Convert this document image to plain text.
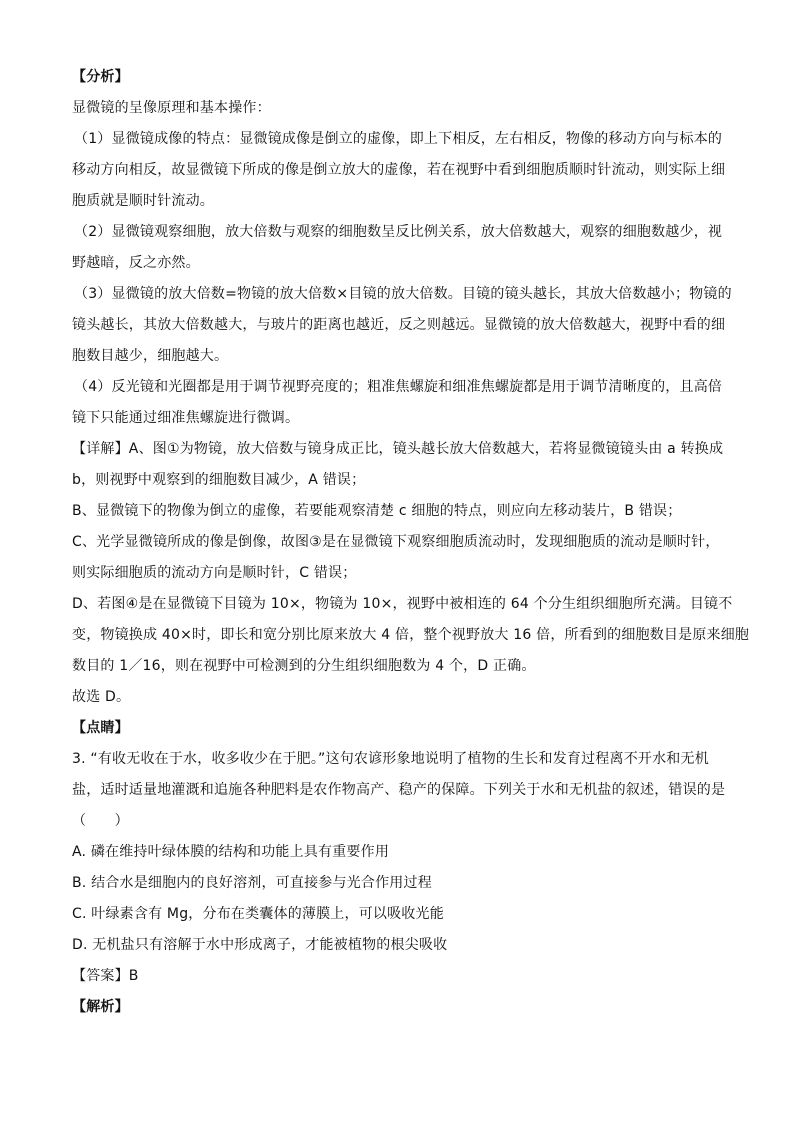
【分析】
显微镜的呈像原理和基本操作：
（1）显微镜成像的特点：显微镜成像是倒立的虚像，即上下相反，左右相反，物像的移动方向与标本的
移动方向相反，故显微镜下所成的像是倒立放大的虚像，若在视野中看到细胞质顺时针流动，则实际上细
胞质就是顺时针流动。
（2）显微镜观察细胞，放大倍数与观察的细胞数呈反比例关系，放大倍数越大，观察的细胞数越少，视
野越暗，反之亦然。
（3）显微镜的放大倍数=物镜的放大倍数×目镜的放大倍数。目镜的镜头越长，其放大倍数越小；物镜的
镜头越长，其放大倍数越大，与玻片的距离也越近，反之则越远。显微镜的放大倍数越大，视野中看的细
胞数目越少，细胞越大。
（4）反光镜和光圈都是用于调节视野亮度的；粗准焦螺旋和细准焦螺旋都是用于调节清晰度的，且高倍
镜下只能通过细准焦螺旋进行微调。
【详解】A、图①为物镜，放大倍数与镜身成正比，镜头越长放大倍数越大，若将显微镜镜头由 a 转换成
b，则视野中观察到的细胞数目减少，A 错误；
B、显微镜下的物像为倒立的虚像，若要能观察清楚 c 细胞的特点，则应向左移动装片，B 错误；
C、光学显微镜所成的像是倒像，故图③是在显微镜下观察细胞质流动时，发现细胞质的流动是顺时针，
则实际细胞质的流动方向是顺时针，C 错误；
D、若图④是在显微镜下目镜为 10×，物镜为 10×，视野中被相连的 64 个分生组织细胞所充满。目镜不
变，物镜换成 40×时，即长和宽分别比原来放大 4 倍，整个视野放大 16 倍，所看到的细胞数目是原来细胞
数目的 1／16，则在视野中可检测到的分生组织细胞数为 4 个，D 正确。
故选 D。
【点睛】
3. “有收无收在于水，收多收少在于肥。”这句农谚形象地说明了植物的生长和发育过程离不开水和无机
盐，适时适量地灌溉和追施各种肥料是农作物高产、稳产的保障。下列关于水和无机盐的叙述，错误的是
（　　）
A. 磷在维持叶绿体膜的结构和功能上具有重要作用
B. 结合水是细胞内的良好溶剂，可直接参与光合作用过程
C. 叶绿素含有 Mg，分布在类囊体的薄膜上，可以吸收光能
D. 无机盐只有溶解于水中形成离子，才能被植物的根尖吸收
【答案】B
【解析】
